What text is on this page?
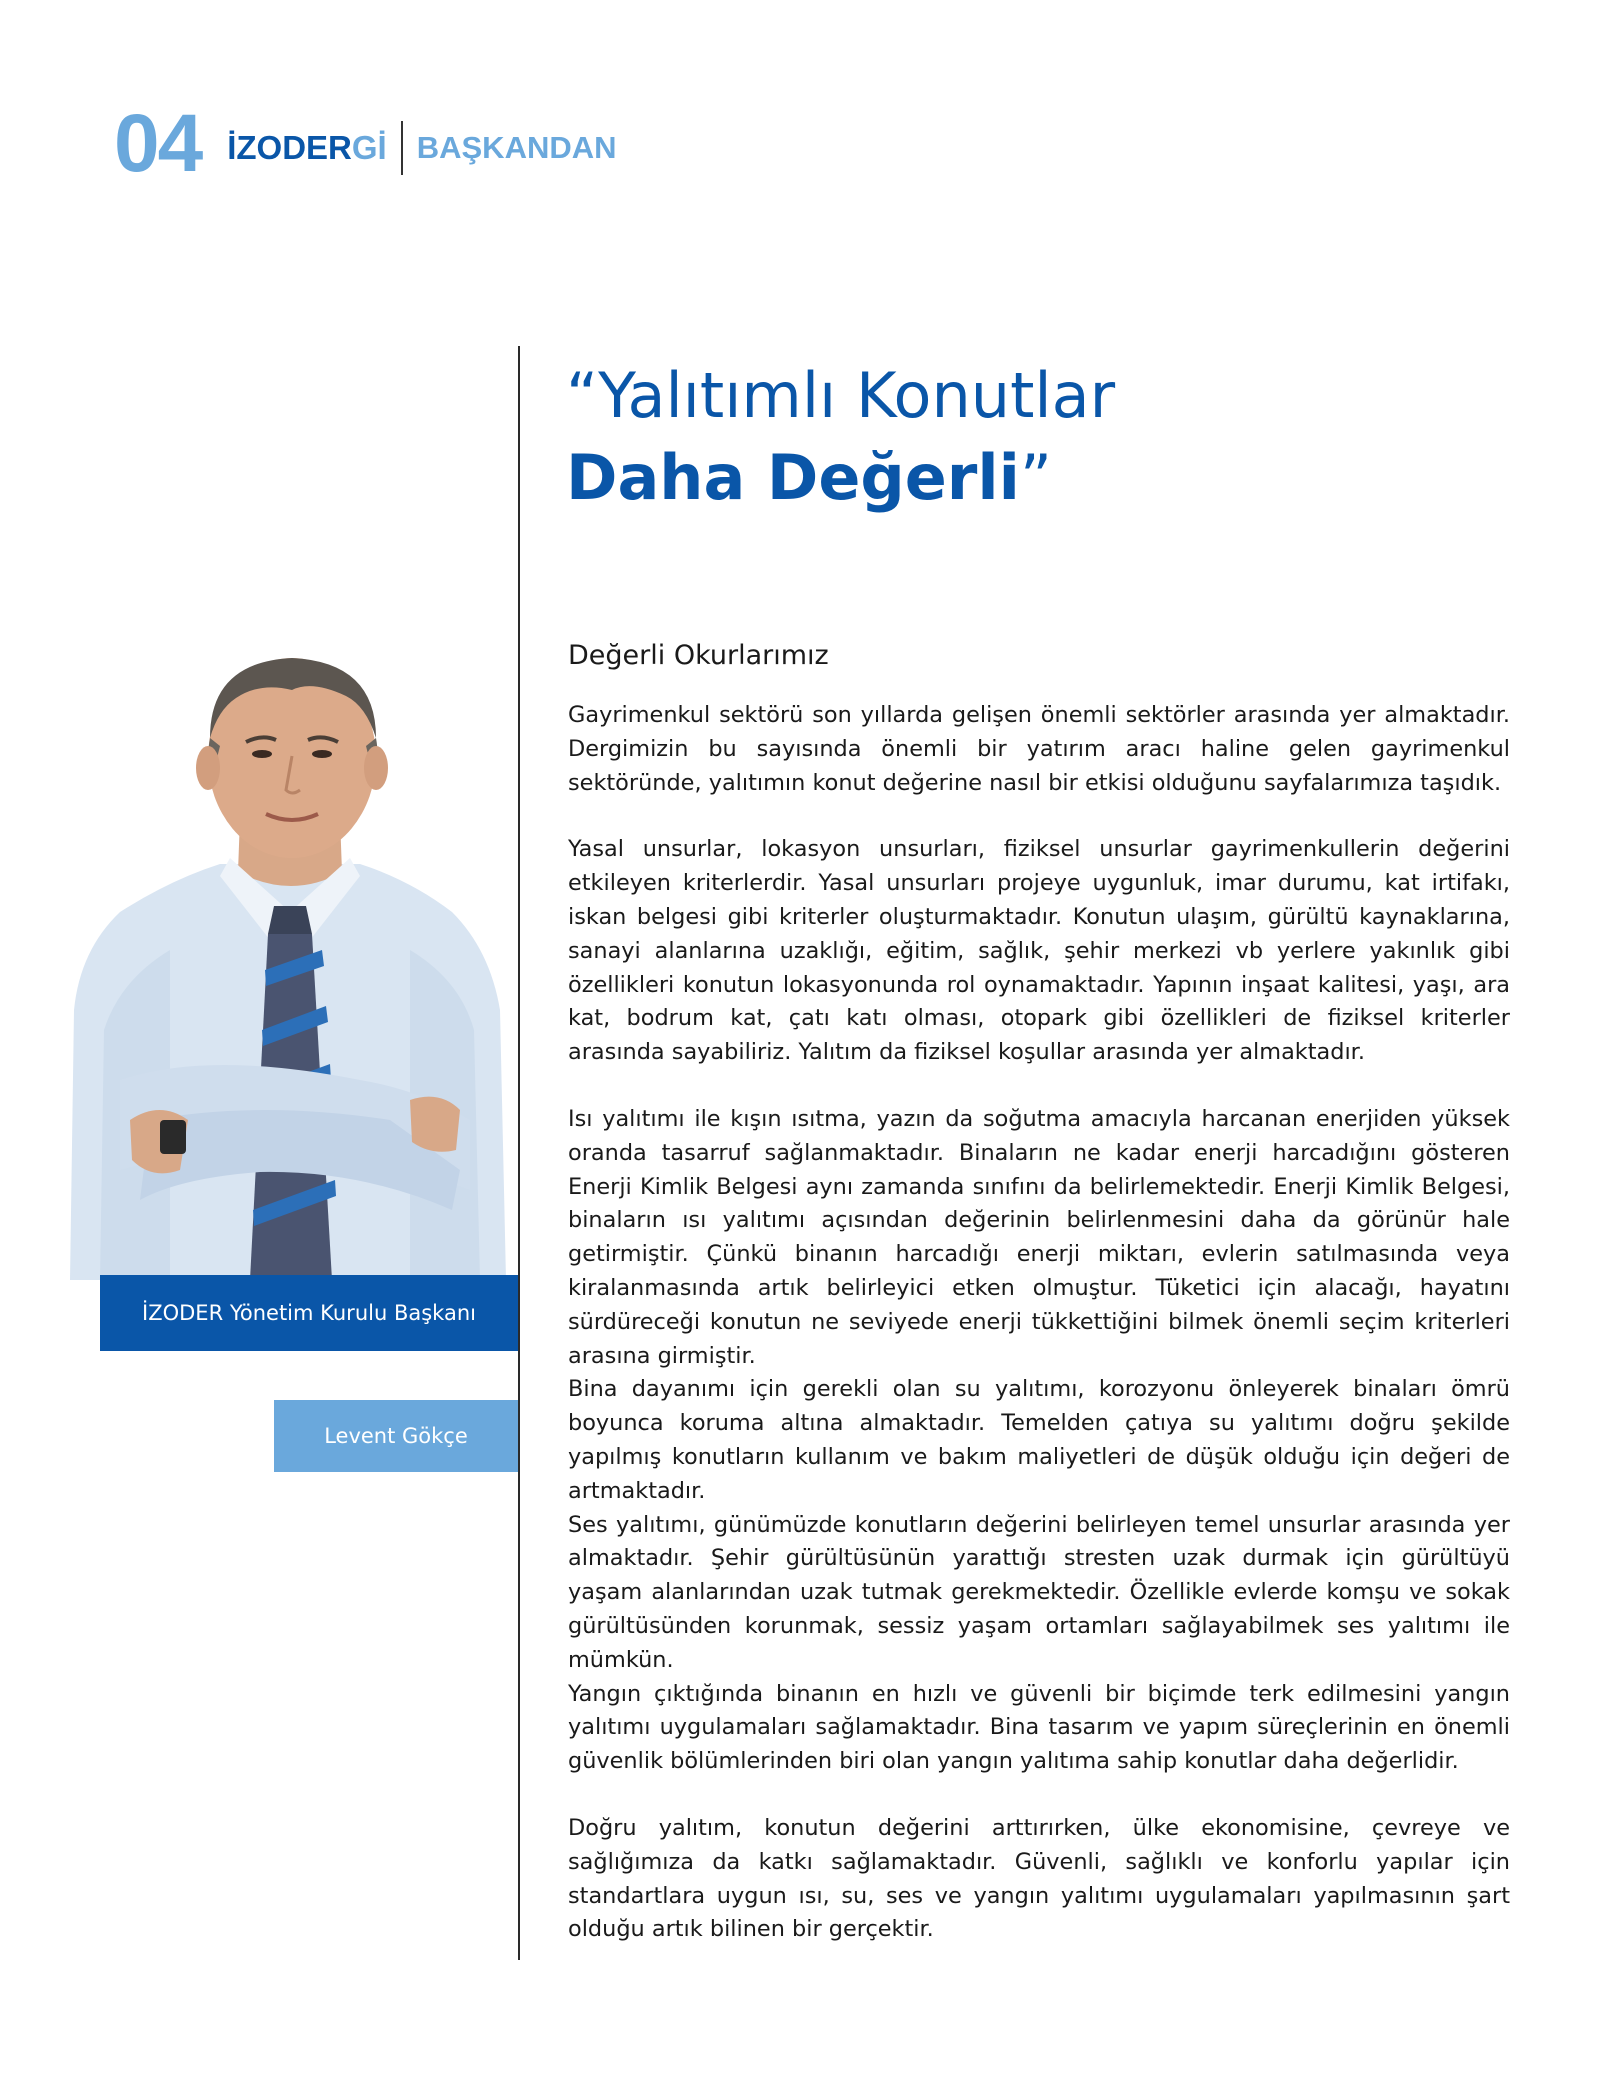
04 İZODERGİ BAŞKANDAN
“Yalıtımlı Konutlar
Daha Değerli”
İZODER Yönetim Kurulu Başkanı
Levent Gökçe
Değerli Okurlarımız

Gayrimenkul sektörü son yıllarda gelişen önemli sektörler arasında yer almaktadır. Dergimizin bu sayısında önemli bir yatırım aracı haline gelen gayrimenkul sektöründe, yalıtımın konut değerine nasıl bir etkisi olduğunu sayfalarımıza taşıdık.

Yasal unsurlar, lokasyon unsurları, fiziksel unsurlar gayrimenkullerin değerini etkileyen kriterlerdir. Yasal unsurları projeye uygunluk, imar durumu, kat irtifakı, iskan belgesi gibi kriterler oluşturmaktadır. Konutun ulaşım, gürültü kaynaklarına, sanayi alanlarına uzaklığı, eğitim, sağlık, şehir merkezi vb yerlere yakınlık gibi özellikleri konutun lokasyonunda rol oynamaktadır. Yapının inşaat kalitesi, yaşı, ara kat, bodrum kat, çatı katı olması, otopark gibi özellikleri de fiziksel kriterler arasında sayabiliriz. Yalıtım da fiziksel koşullar arasında yer almaktadır.

Isı yalıtımı ile kışın ısıtma, yazın da soğutma amacıyla harcanan enerjiden yüksek oranda tasarruf sağlanmaktadır. Binaların ne kadar enerji harcadığını gösteren Enerji Kimlik Belgesi aynı zamanda sınıfını da belirlemektedir. Enerji Kimlik Belgesi, binaların ısı yalıtımı açısından değerinin belirlenmesini daha da görünür hale getirmiştir. Çünkü binanın harcadığı enerji miktarı, evlerin satılmasında veya kiralanmasında artık belirleyici etken olmuştur. Tüketici için alacağı, hayatını sürdüreceği konutun ne seviyede enerji tükkettiğini bilmek önemli seçim kriterleri arasına girmiştir.

Bina dayanımı için gerekli olan su yalıtımı, korozyonu önleyerek binaları ömrü boyunca koruma altına almaktadır. Temelden çatıya su yalıtımı doğru şekilde yapılmış konutların kullanım ve bakım maliyetleri de düşük olduğu için değeri de artmaktadır.

Ses yalıtımı, günümüzde konutların değerini belirleyen temel unsurlar arasında yer almaktadır. Şehir gürültüsünün yarattığı stresten uzak durmak için gürültüyü yaşam alanlarından uzak tutmak gerekmektedir. Özellikle evlerde komşu ve sokak gürültüsünden korunmak, sessiz yaşam ortamları sağlayabilmek ses yalıtımı ile mümkün.

Yangın çıktığında binanın en hızlı ve güvenli bir biçimde terk edilmesini yangın yalıtımı uygulamaları sağlamaktadır. Bina tasarım ve yapım süreçlerinin en önemli güvenlik bölümlerinden biri olan yangın yalıtıma sahip konutlar daha değerlidir.

Doğru yalıtım, konutun değerini arttırırken, ülke ekonomisine, çevreye ve sağlığımıza da katkı sağlamaktadır. Güvenli, sağlıklı ve konforlu yapılar için standartlara uygun ısı, su, ses ve yangın yalıtımı uygulamaları yapılmasının şart olduğu artık bilinen bir gerçektir.
